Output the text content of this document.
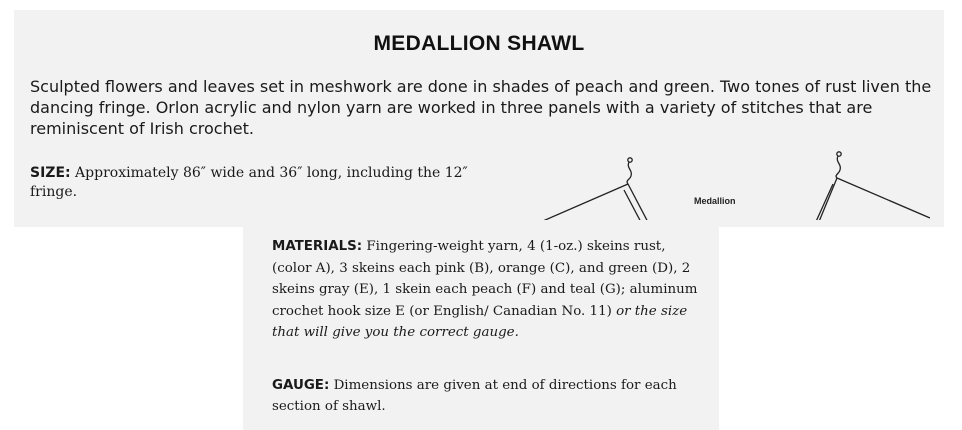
MEDALLION SHAWL

Sculpted flowers and leaves set in meshwork are done in shades of peach and green. Two tones of rust liven the dancing fringe. Orlon acrylic and nylon yarn are worked in three panels with a variety of stitches that are reminiscent of Irish crochet.

SIZE: Approximately 86″ wide and 36″ long, including the 12″ fringe.

Medallion

MATERIALS: Fingering-weight yarn, 4 (1-oz.) skeins rust, (color A), 3 skeins each pink (B), orange (C), and green (D), 2 skeins gray (E), 1 skein each peach (F) and teal (G); aluminum crochet hook size E (or English/ Canadian No. 11) or the size that will give you the correct gauge.

GAUGE: Dimensions are given at end of directions for each section of shawl.
